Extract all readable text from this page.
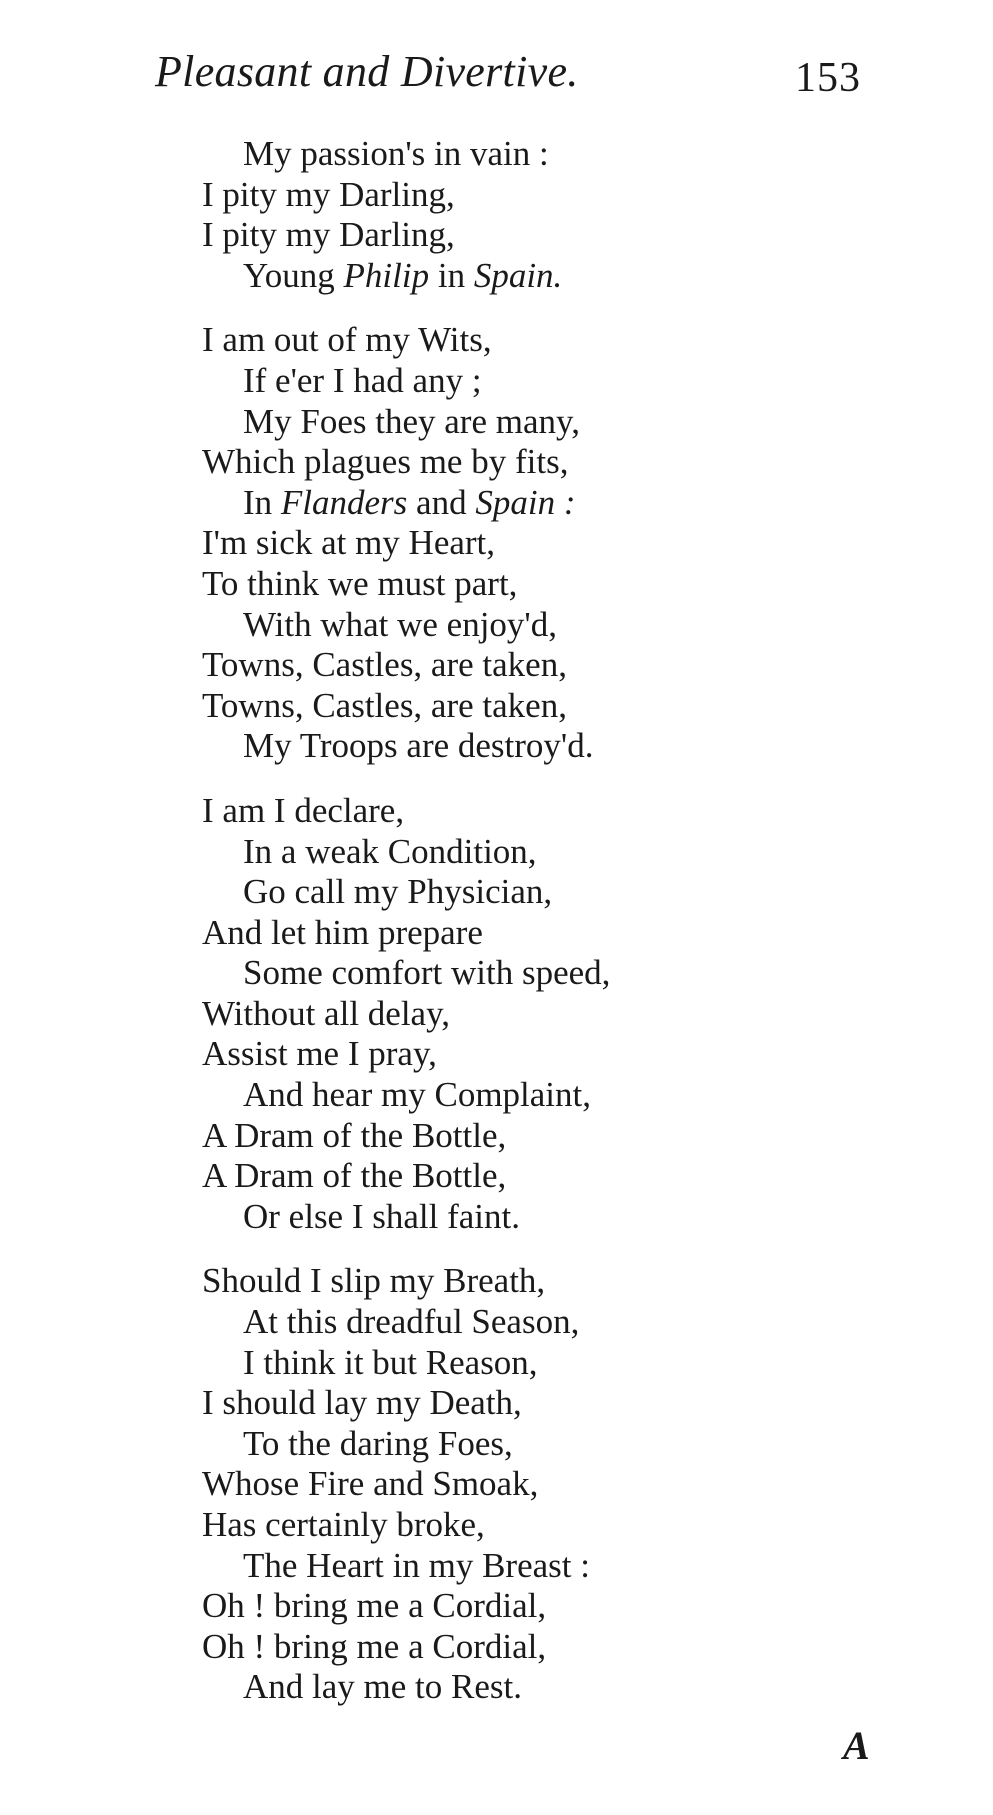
Pleasant and Divertive.	153
My passion's in vain :
I pity my Darling,
I pity my Darling,
Young Philip in Spain.
I am out of my Wits,
If e'er I had any ;
My Foes they are many,
Which plagues me by fits,
In Flanders and Spain :
I'm sick at my Heart,
To think we must part,
With what we enjoy'd,
Towns, Castles, are taken,
Towns, Castles, are taken,
My Troops are destroy'd.
I am I declare,
In a weak Condition,
Go call my Physician,
And let him prepare
Some comfort with speed,
Without all delay,
Assist me I pray,
And hear my Complaint,
A Dram of the Bottle,
A Dram of the Bottle,
Or else I shall faint.
Should I slip my Breath,
At this dreadful Season,
I think it but Reason,
I should lay my Death,
To the daring Foes,
Whose Fire and Smoak,
Has certainly broke,
The Heart in my Breast :
Oh ! bring me a Cordial,
Oh ! bring me a Cordial,
And lay me to Rest.
A
